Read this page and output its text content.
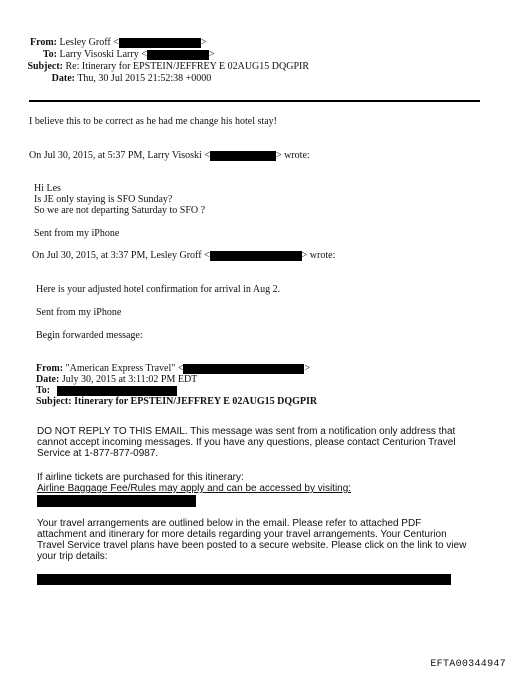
From: Lesley Groff <	>
To: Larry Visoski Larry <	>
Subject: Re: Itinerary for EPSTEIN/JEFFREY E 02AUG15 DQGPIR
Date: Thu, 30 Jul 2015 21:52:38 +0000
I believe this to be correct as he had me change his hotel stay!
On Jul 30, 2015, at 5:37 PM, Larry Visoski <	> wrote:
Hi Les
Is JE only staying is SFO Sunday?
So we are not departing Saturday to SFO ?
Sent from my iPhone
On Jul 30, 2015, at 3:37 PM, Lesley Groff <	> wrote:
Here is your adjusted hotel confirmation for arrival in Aug 2.
Sent from my iPhone
Begin forwarded message:
From: "American Express Travel" <	>
Date: July 30, 2015 at 3:11:02 PM EDT
To:
Subject: Itinerary for EPSTEIN/JEFFREY E 02AUG15 DQGPIR
DO NOT REPLY TO THIS EMAIL. This message was sent from a notification only address that
cannot accept incoming messages. If you have any questions, please contact Centurion Travel
Service at 1-877-877-0987.
If airline tickets are purchased for this itinerary:
Airline Baggage Fee/Rules may apply and can be accessed by visiting:
Your travel arrangements are outlined below in the email. Please refer to attached PDF
attachment and itinerary for more details regarding your travel arrangements. Your Centurion
Travel Service travel plans have been posted to a secure website. Please click on the link to view
your trip details:
EFTA00344947
